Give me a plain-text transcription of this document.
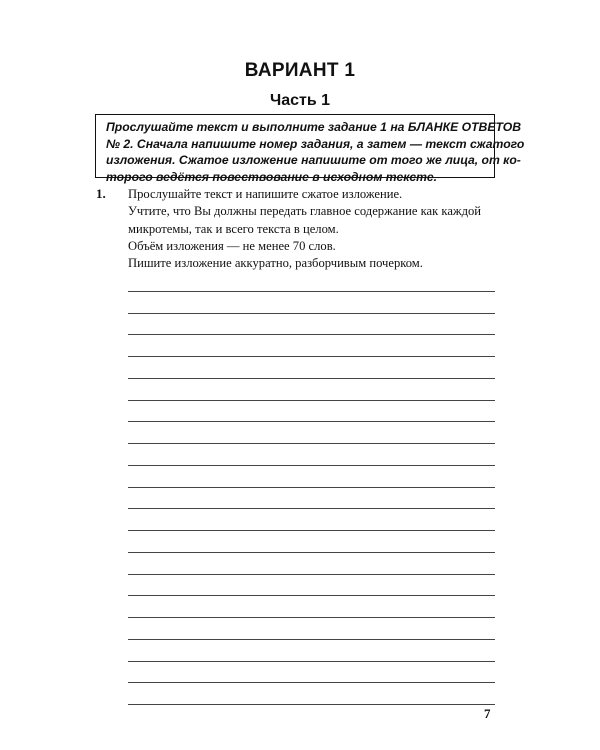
ВАРИАНТ 1
Часть 1
Прослушайте текст и выполните задание 1 на БЛАНКЕ ОТВЕТОВ
№ 2. Сначала напишите номер задания, а затем — текст сжатого
изложения. Сжатое изложение напишите от того же лица, от ко-
торого ведётся повествование в исходном тексте.
1. Прослушайте текст и напишите сжатое изложение.
Учтите, что Вы должны передать главное содержание как каждой
микротемы, так и всего текста в целом.
Объём изложения — не менее 70 слов.
Пишите изложение аккуратно, разборчивым почерком.
7
